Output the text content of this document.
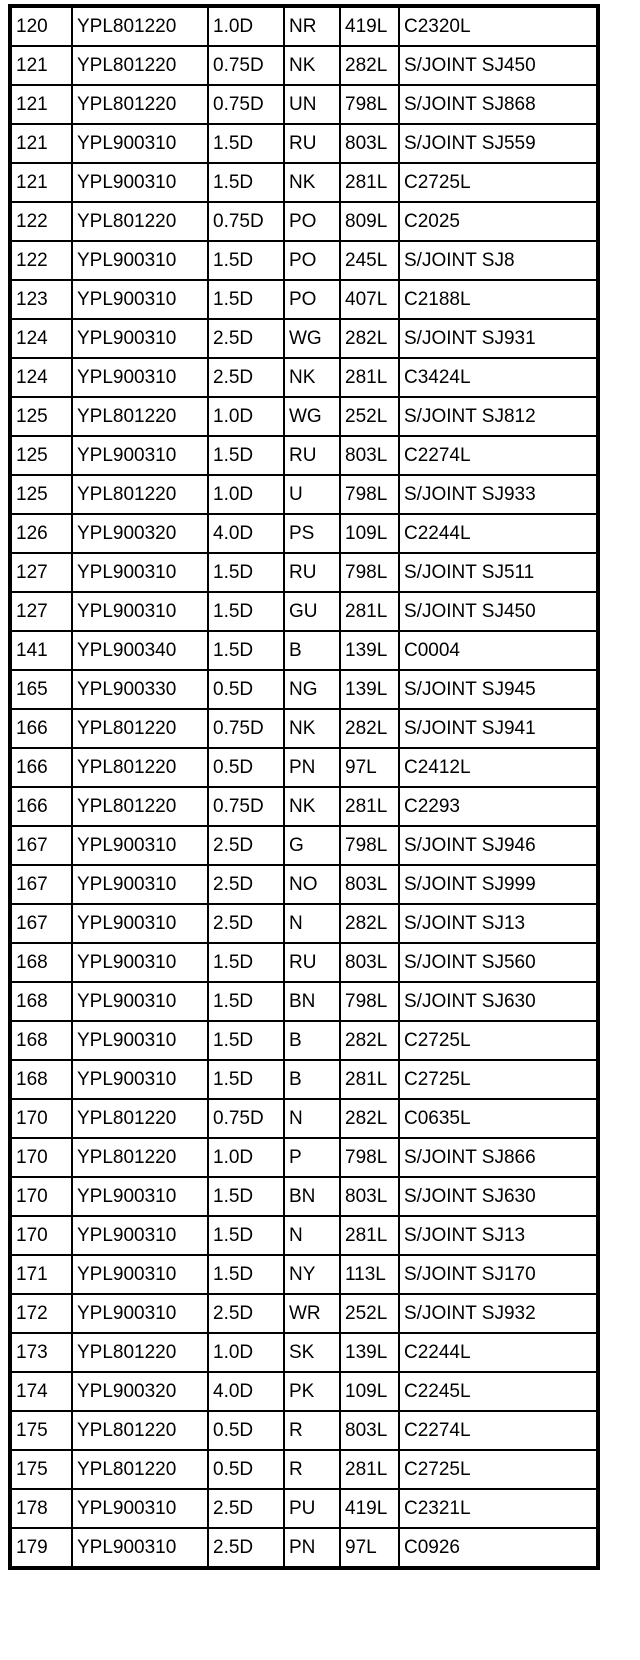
120	YPL801220	1.0D	NR	419L	C2320L
121	YPL801220	0.75D	NK	282L	S/JOINT SJ450
121	YPL801220	0.75D	UN	798L	S/JOINT SJ868
121	YPL900310	1.5D	RU	803L	S/JOINT SJ559
121	YPL900310	1.5D	NK	281L	C2725L
122	YPL801220	0.75D	PO	809L	C2025
122	YPL900310	1.5D	PO	245L	S/JOINT SJ8
123	YPL900310	1.5D	PO	407L	C2188L
124	YPL900310	2.5D	WG	282L	S/JOINT SJ931
124	YPL900310	2.5D	NK	281L	C3424L
125	YPL801220	1.0D	WG	252L	S/JOINT SJ812
125	YPL900310	1.5D	RU	803L	C2274L
125	YPL801220	1.0D	U	798L	S/JOINT SJ933
126	YPL900320	4.0D	PS	109L	C2244L
127	YPL900310	1.5D	RU	798L	S/JOINT SJ511
127	YPL900310	1.5D	GU	281L	S/JOINT SJ450
141	YPL900340	1.5D	B	139L	C0004
165	YPL900330	0.5D	NG	139L	S/JOINT SJ945
166	YPL801220	0.75D	NK	282L	S/JOINT SJ941
166	YPL801220	0.5D	PN	97L	C2412L
166	YPL801220	0.75D	NK	281L	C2293
167	YPL900310	2.5D	G	798L	S/JOINT SJ946
167	YPL900310	2.5D	NO	803L	S/JOINT SJ999
167	YPL900310	2.5D	N	282L	S/JOINT SJ13
168	YPL900310	1.5D	RU	803L	S/JOINT SJ560
168	YPL900310	1.5D	BN	798L	S/JOINT SJ630
168	YPL900310	1.5D	B	282L	C2725L
168	YPL900310	1.5D	B	281L	C2725L
170	YPL801220	0.75D	N	282L	C0635L
170	YPL801220	1.0D	P	798L	S/JOINT SJ866
170	YPL900310	1.5D	BN	803L	S/JOINT SJ630
170	YPL900310	1.5D	N	281L	S/JOINT SJ13
171	YPL900310	1.5D	NY	113L	S/JOINT SJ170
172	YPL900310	2.5D	WR	252L	S/JOINT SJ932
173	YPL801220	1.0D	SK	139L	C2244L
174	YPL900320	4.0D	PK	109L	C2245L
175	YPL801220	0.5D	R	803L	C2274L
175	YPL801220	0.5D	R	281L	C2725L
178	YPL900310	2.5D	PU	419L	C2321L
179	YPL900310	2.5D	PN	97L	C0926
